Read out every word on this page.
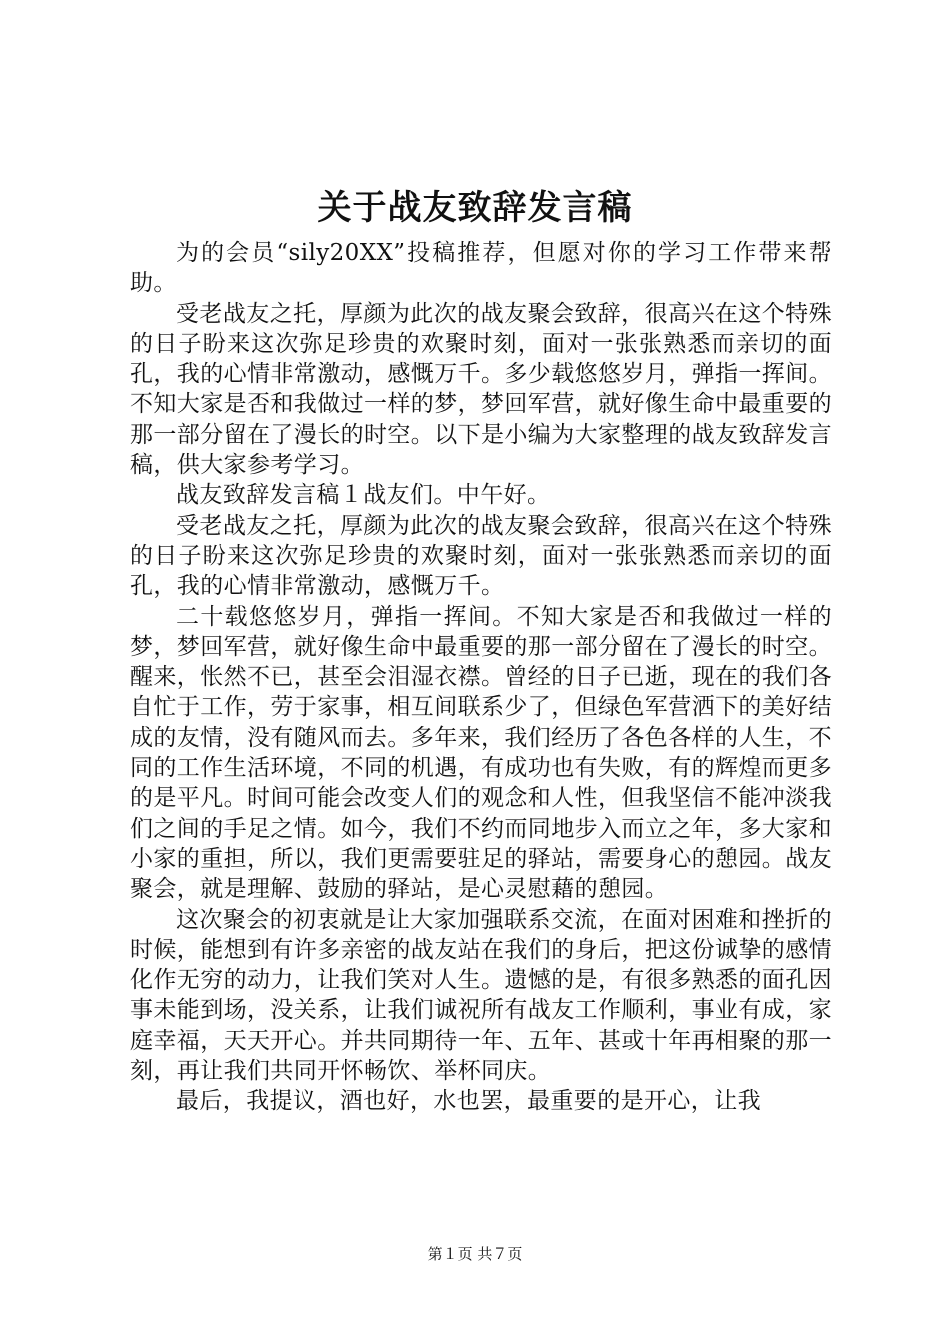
关于战友致辞发言稿

为的会员“sily20XX”投稿推荐，但愿对你的学习工作带来帮助。

受老战友之托，厚颜为此次的战友聚会致辞，很高兴在这个特殊的日子盼来这次弥足珍贵的欢聚时刻，面对一张张熟悉而亲切的面孔，我的心情非常激动，感慨万千。多少载悠悠岁月，弹指一挥间。不知大家是否和我做过一样的梦，梦回军营，就好像生命中最重要的那一部分留在了漫长的时空。以下是小编为大家整理的战友致辞发言稿，供大家参考学习。

战友致辞发言稿１战友们。中午好。

受老战友之托，厚颜为此次的战友聚会致辞，很高兴在这个特殊的日子盼来这次弥足珍贵的欢聚时刻，面对一张张熟悉而亲切的面孔，我的心情非常激动，感慨万千。

二十载悠悠岁月，弹指一挥间。不知大家是否和我做过一样的梦，梦回军营，就好像生命中最重要的那一部分留在了漫长的时空。醒来，怅然不已，甚至会泪湿衣襟。曾经的日子已逝，现在的我们各自忙于工作，劳于家事，相互间联系少了，但绿色军营洒下的美好结成的友情，没有随风而去。多年来，我们经历了各色各样的人生，不同的工作生活环境，不同的机遇，有成功也有失败，有的辉煌而更多的是平凡。时间可能会改变人们的观念和人性，但我坚信不能冲淡我们之间的手足之情。如今，我们不约而同地步入而立之年，多大家和小家的重担，所以，我们更需要驻足的驿站，需要身心的憩园。战友聚会，就是理解、鼓励的驿站，是心灵慰藉的憩园。

这次聚会的初衷就是让大家加强联系交流，在面对困难和挫折的时候，能想到有许多亲密的战友站在我们的身后，把这份诚挚的感情化作无穷的动力，让我们笑对人生。遗憾的是，有很多熟悉的面孔因事未能到场，没关系，让我们诚祝所有战友工作顺利，事业有成，家庭幸福，天天开心。并共同期待一年、五年、甚或十年再相聚的那一刻，再让我们共同开怀畅饮、举杯同庆。

最后，我提议，酒也好，水也罢，最重要的是开心，让我

第１页 共７页
